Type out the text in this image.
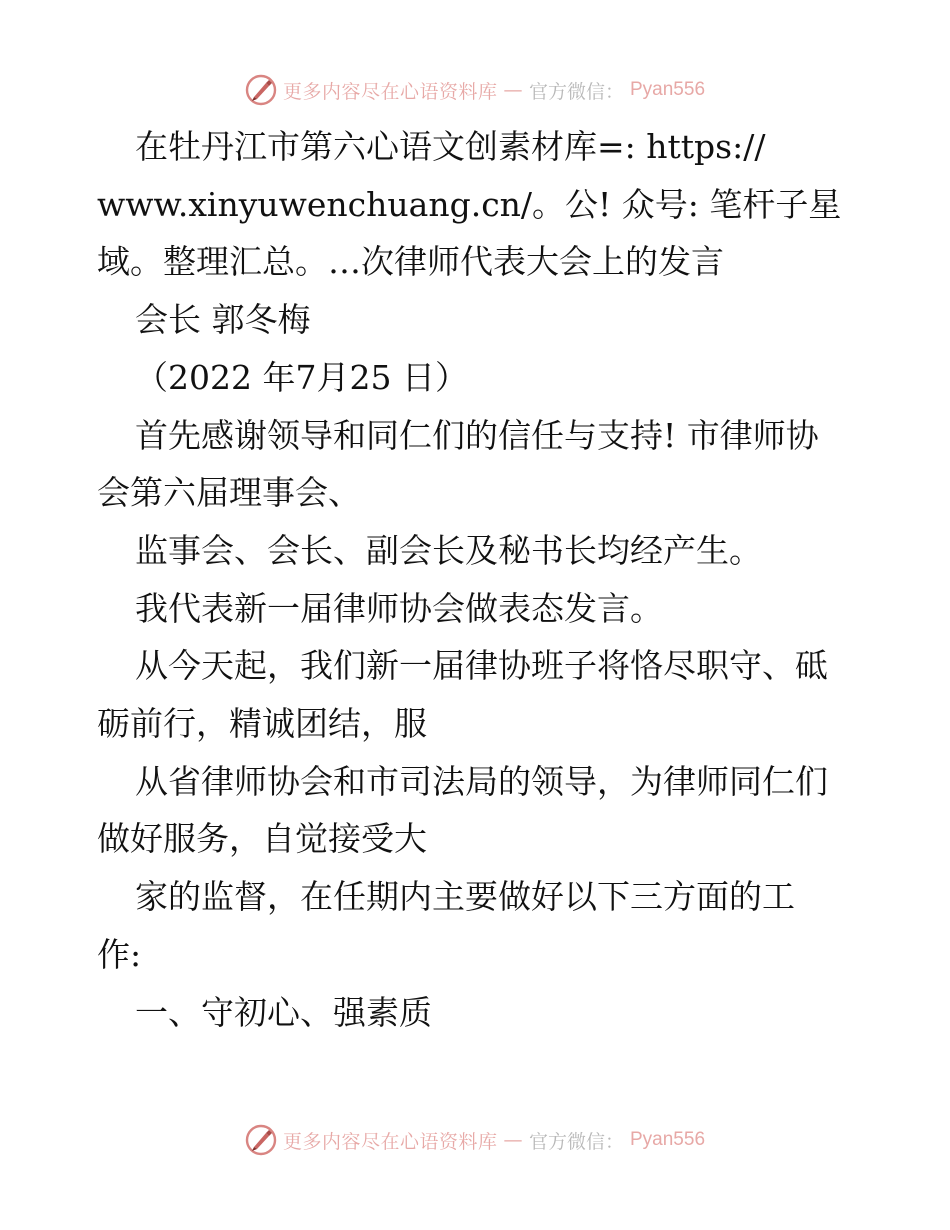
更多内容尽在心语资料库 — 官方微信： Pyan556

在牡丹江市第六心语文创素材库=: https://

www.xinyuwenchuang.cn/。公! 众号: 笔杆子星

域。整理汇总。…次律师代表大会上的发言

会长 郭冬梅

（2022 年7月25 日）

首先感谢领导和同仁们的信任与支持! 市律师协

会第六届理事会、

监事会、会长、副会长及秘书长均经产生。

我代表新一届律师协会做表态发言。

从今天起，我们新一届律协班子将恪尽职守、砥

砺前行，精诚团结，服

从省律师协会和市司法局的领导，为律师同仁们

做好服务，自觉接受大

家的监督，在任期内主要做好以下三方面的工

作:

一、守初心、强素质

更多内容尽在心语资料库 — 官方微信： Pyan556
